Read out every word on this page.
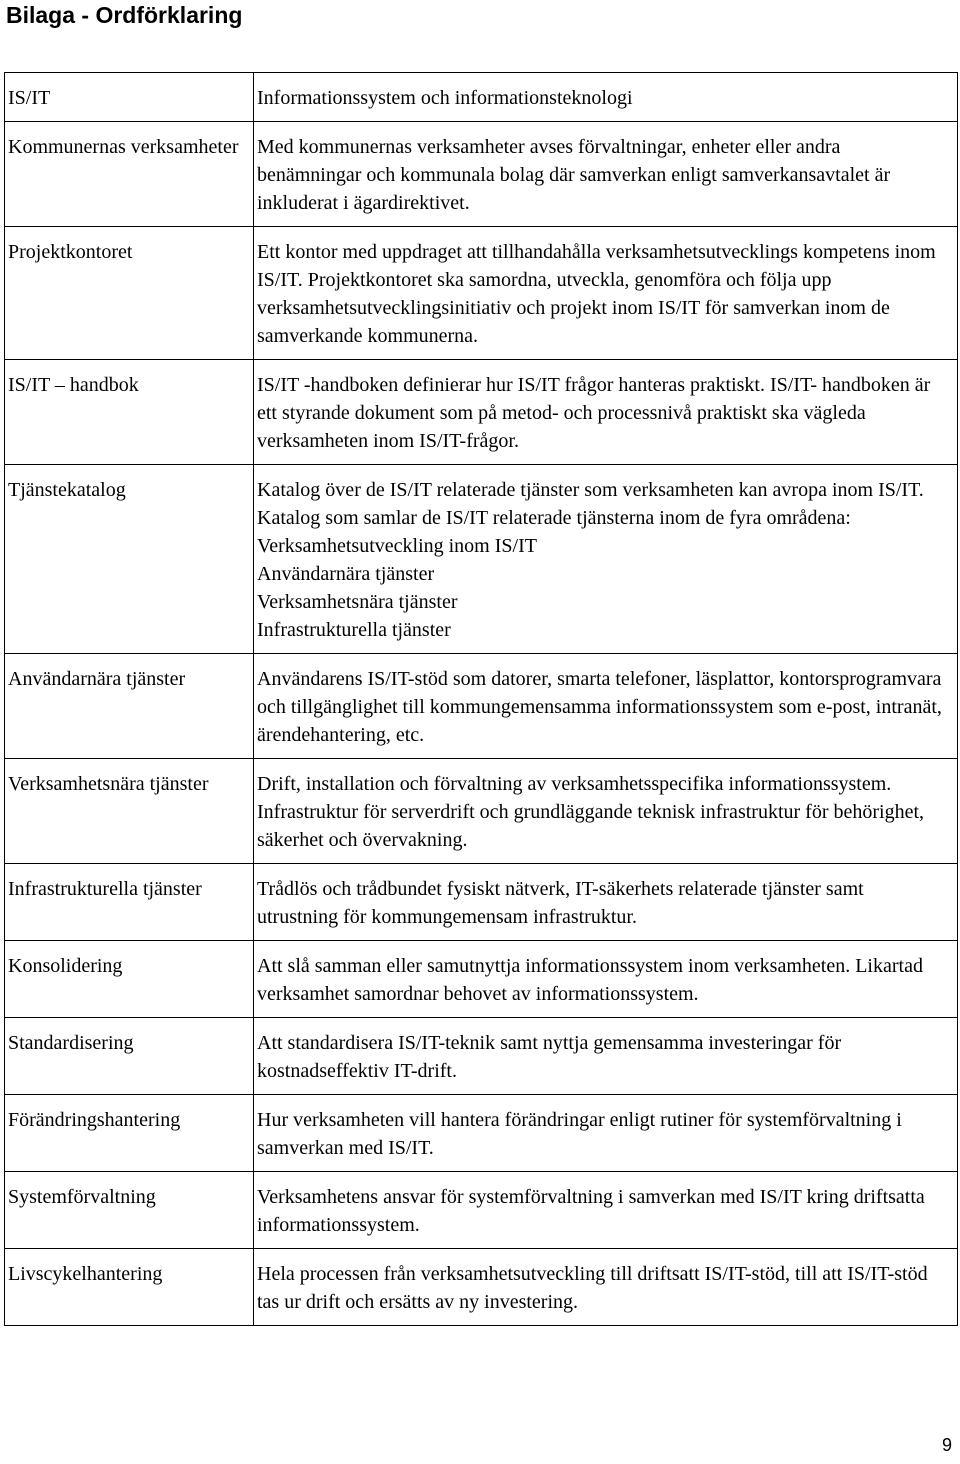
Bilaga - Ordförklaring
IS/IT	Informationssystem och informationsteknologi

Kommunernas verksamheter	Med kommunernas verksamheter avses förvaltningar, enheter eller andra benämningar och kommunala bolag där samverkan enligt samverkansavtalet är inkluderat i ägardirektivet.

Projektkontoret	Ett kontor med uppdraget att tillhandahålla verksamhetsutvecklings kompetens inom IS/IT. Projektkontoret ska samordna, utveckla, genomföra och följa upp verksamhetsutvecklingsinitiativ och projekt inom IS/IT för samverkan inom de samverkande kommunerna.

IS/IT – handbok	IS/IT -handboken definierar hur IS/IT frågor hanteras praktiskt. IS/IT- handboken är ett styrande dokument som på metod- och processnivå praktiskt ska vägleda verksamheten inom IS/IT-frågor.

Tjänstekatalog	Katalog över de IS/IT relaterade tjänster som verksamheten kan avropa inom IS/IT. Katalog som samlar de IS/IT relaterade tjänsterna inom de fyra områdena:
Verksamhetsutveckling inom IS/IT
Användarnära tjänster
Verksamhetsnära tjänster
Infrastrukturella tjänster

Användarnära tjänster	Användarens IS/IT-stöd som datorer, smarta telefoner, läsplattor, kontorsprogramvara och tillgänglighet till kommungemensamma informationssystem som e-post, intranät, ärendehantering, etc.

Verksamhetsnära tjänster	Drift, installation och förvaltning av verksamhetsspecifika informationssystem. Infrastruktur för serverdrift och grundläggande teknisk infrastruktur för behörighet, säkerhet och övervakning.

Infrastrukturella tjänster	Trådlös och trådbundet fysiskt nätverk, IT-säkerhets relaterade tjänster samt utrustning för kommungemensam infrastruktur.

Konsolidering	Att slå samman eller samutnyttja informationssystem inom verksamheten. Likartad verksamhet samordnar behovet av informationssystem.

Standardisering	Att standardisera IS/IT-teknik samt nyttja gemensamma investeringar för kostnadseffektiv IT-drift.

Förändringshantering	Hur verksamheten vill hantera förändringar enligt rutiner för systemförvaltning i samverkan med IS/IT.

Systemförvaltning	Verksamhetens ansvar för systemförvaltning i samverkan med IS/IT kring driftsatta informationssystem.

Livscykelhantering	Hela processen från verksamhetsutveckling till driftsatt IS/IT-stöd, till att IS/IT-stöd tas ur drift och ersätts av ny investering.
9
